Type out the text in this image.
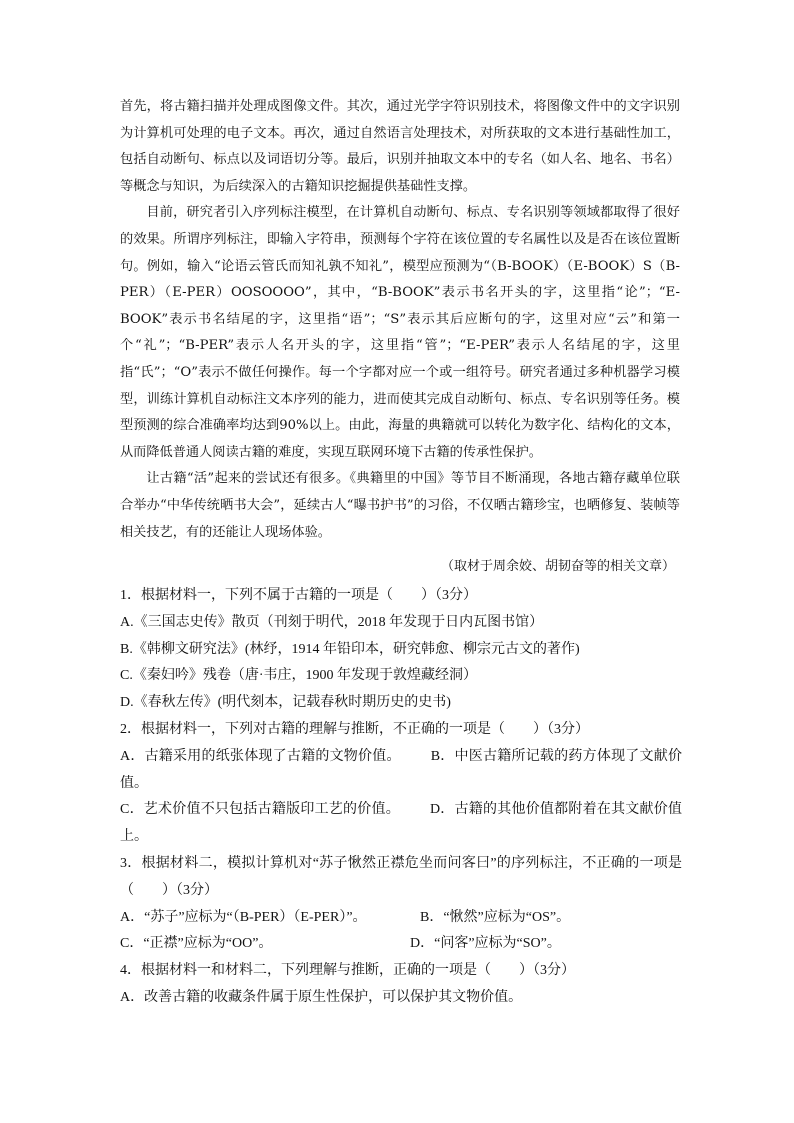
首先，将古籍扫描并处理成图像文件。其次，通过光学字符识别技术，将图像文件中的文字识别为计算机可处理的电子文本。再次，通过自然语言处理技术，对所获取的文本进行基础性加工，包括自动断句、标点以及词语切分等。最后，识别并抽取文本中的专名（如人名、地名、书名）等概念与知识，为后续深入的古籍知识挖掘提供基础性支撑。

目前，研究者引入序列标注模型，在计算机自动断句、标点、专名识别等领域都取得了很好的效果。所谓序列标注，即输入字符串，预测每个字符在该位置的专名属性以及是否在该位置断句。例如，输入“论语云管氏而知礼孰不知礼”，模型应预测为“（B-BOOK）（E-BOOK）S（B-PER）（E-PER）OOSOOOO”，其中，“B-BOOK”表示书名开头的字，这里指“论”；“E-BOOK”表示书名结尾的字，这里指“语”；“S”表示其后应断句的字，这里对应“云”和第一个“礼”；“B-PER”表示人名开头的字，这里指“管”；“E-PER”表示人名结尾的字，这里指“氏”；“O”表示不做任何操作。每一个字都对应一个或一组符号。研究者通过多种机器学习模型，训练计算机自动标注文本序列的能力，进而使其完成自动断句、标点、专名识别等任务。模型预测的综合准确率均达到90%以上。由此，海量的典籍就可以转化为数字化、结构化的文本，从而降低普通人阅读古籍的难度，实现互联网环境下古籍的传承性保护。

让古籍“活”起来的尝试还有很多。《典籍里的中国》等节目不断涌现，各地古籍存藏单位联合举办“中华传统晒书大会”，延续古人“曝书护书”的习俗，不仅晒古籍珍宝，也晒修复、装帧等相关技艺，有的还能让人现场体验。

（取材于周余姣、胡韧奋等的相关文章）
1．根据材料一，下列不属于古籍的一项是（　　）（3分）
A.《三国志史传》散页（刊刻于明代，2018 年发现于日内瓦图书馆）
B.《韩柳文研究法》(林纾，1914 年铅印本，研究韩愈、柳宗元古文的著作)
C.《秦妇吟》残卷（唐·韦庄，1900 年发现于敦煌藏经洞）
D.《春秋左传》(明代刻本，记载春秋时期历史的史书)
2．根据材料一，下列对古籍的理解与推断，不正确的一项是（　　）（3分）
A．古籍采用的纸张体现了古籍的文物价值。 B．中医古籍所记载的药方体现了文献价值。
C．艺术价值不只包括古籍版印工艺的价值。 D．古籍的其他价值都附着在其文献价值上。
3．根据材料二，模拟计算机对“苏子愀然正襟危坐而问客曰”的序列标注，不正确的一项是（　　）（3分）
A．“苏子”应标为“（B-PER）（E-PER）”。	B．“愀然”应标为“OS”。
C．“正襟”应标为“OO”。	D．“问客”应标为“SO”。
4．根据材料一和材料二，下列理解与推断，正确的一项是（　　）（3分）
A．改善古籍的收藏条件属于原生性保护，可以保护其文物价值。
